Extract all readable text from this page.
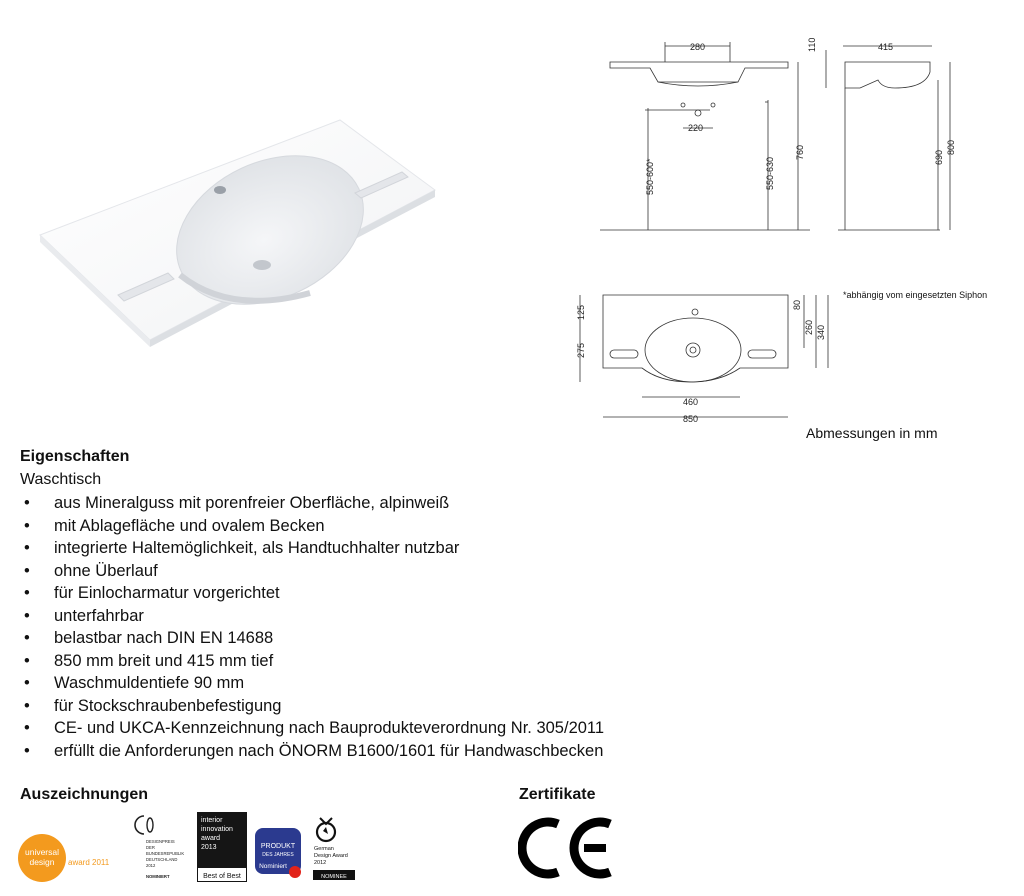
280	110
220
550-600*	550-630
760
415
690
800
125
275
80
260 340
460
850
*abhängig vom eingesetzten Siphon
Abmessungen in mm
Eigenschaften
Waschtisch
• aus Mineralguss mit porenfreier Oberfläche, alpinweiß
• mit Ablagefläche und ovalem Becken
• integrierte Haltemöglichkeit, als Handtuchhalter nutzbar
• ohne Überlauf
• für Einlocharmatur vorgerichtet
• unterfahrbar
• belastbar nach DIN EN 14688
• 850 mm breit und 415 mm tief
• Waschmuldentiefe 90 mm
• für Stockschraubenbefestigung
• CE- und UKCA-Kennzeichnung nach Bauprodukteverordnung Nr. 305/2011
• erfüllt die Anforderungen nach ÖNORM B1600/1601 für Handwaschbecken
Auszeichnungen	Zertifikate
universal
design award 2011
DESIGNPREIS
DER
BUNDESREPUBLIK
DEUTSCHLAND
2012
NOMINIERT
interior
innovation
award
2013
Best of Best
PRODUKT
DES JAHRES
Nominiert
German
Design Award
2012
NOMINEE
